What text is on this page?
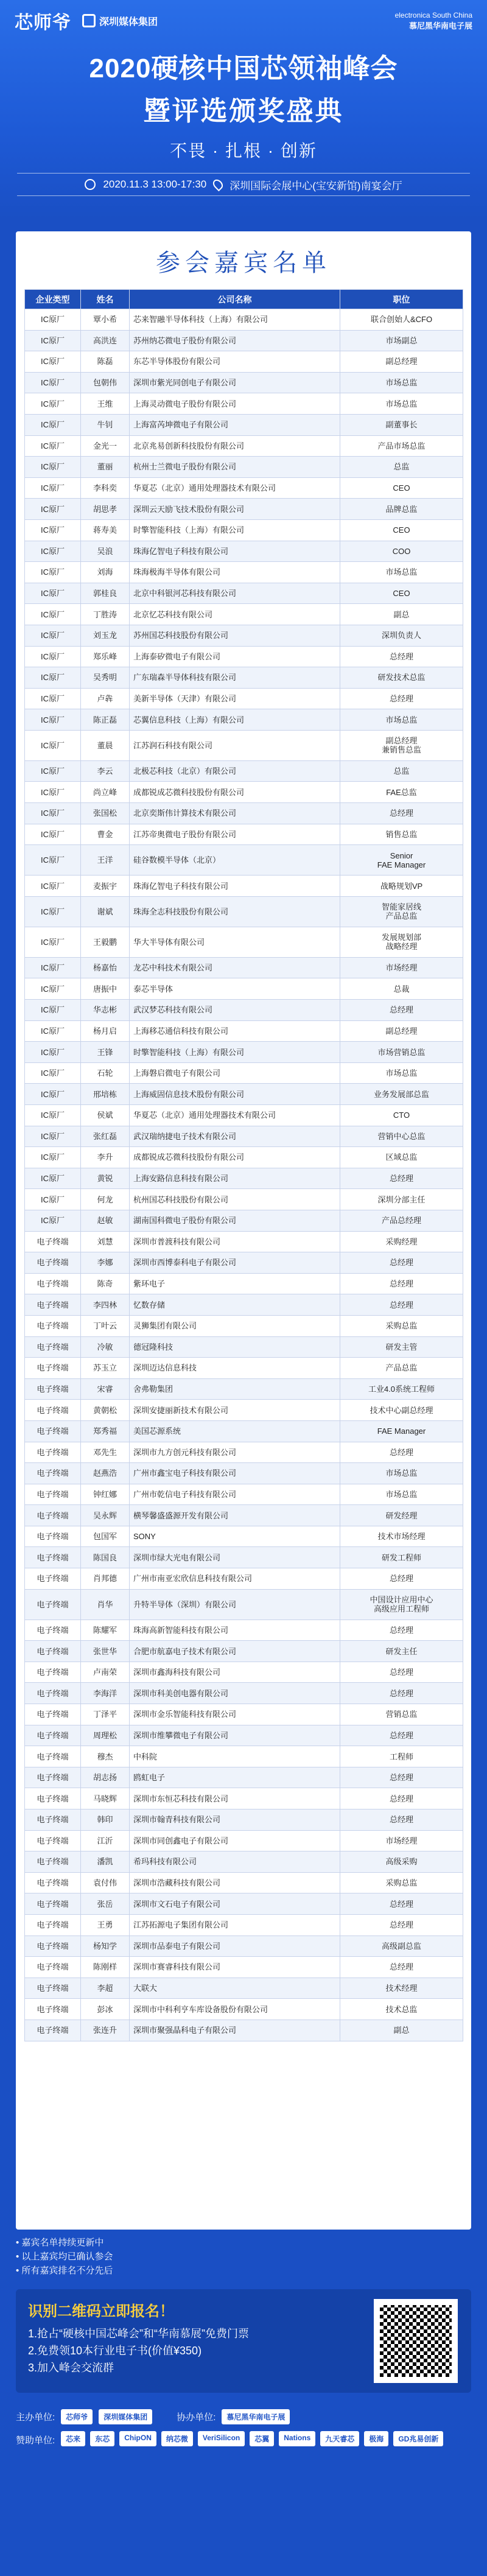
芯师爷	深圳媒体集团
electronica South China
慕尼黑华南电子展
2020硬核中国芯领袖峰会
暨评选颁奖盛典
不畏 · 扎根 · 创新
2020.11.3 13:00-17:30 深圳国际会展中心(宝安新馆)南宴会厅
参会嘉宾名单
企业类型	姓名	公司名称	职位
IC原厂	覃小希	芯来智融半导体科技（上海）有限公司	联合创始人&CFO
IC原厂	高洪连	苏州纳芯微电子股份有限公司	市场副总
IC原厂	陈磊	东芯半导体股份有限公司	副总经理
IC原厂	包朝伟	深圳市紫光同创电子有限公司	市场总监
IC原厂	王维	上海灵动微电子股份有限公司	市场总监
IC原厂	牛钊	上海富芮坤微电子有限公司	副董事长
IC原厂	金光一	北京兆易创新科技股份有限公司	产品市场总监
IC原厂	董丽	杭州士兰微电子股份有限公司	总监
IC原厂	李科奕	华夏芯（北京）通用处理器技术有限公司	CEO
IC原厂	胡思孝	深圳云天励飞技术股份有限公司	品牌总监
IC原厂	蒋寿美	时擎智能科技（上海）有限公司	CEO
IC原厂	吴浪	珠海亿智电子科技有限公司	COO
IC原厂	刘海	珠海极海半导体有限公司	市场总监
IC原厂	郭桂良	北京中科银河芯科技有限公司	CEO
IC原厂	丁胜涛	北京忆芯科技有限公司	副总
IC原厂	刘玉龙	苏州国芯科技股份有限公司	深圳负责人
IC原厂	郑乐峰	上海泰矽微电子有限公司	总经理
IC原厂	吴秀明	广东瑞森半导体科技有限公司	研发技术总监
IC原厂	卢犇	美新半导体（天津）有限公司	总经理
IC原厂	陈正磊	芯翼信息科技（上海）有限公司	市场总监
IC原厂	董晨	江苏润石科技有限公司	副总经理
兼销售总监
IC原厂	李云	北极芯科技（北京）有限公司	总监
IC原厂	尚立峰	成都锐成芯微科技股份有限公司	FAE总监
IC原厂	张国松	北京奕斯伟计算技术有限公司	总经理
IC原厂	曹金	江苏帝奥微电子股份有限公司	销售总监
IC原厂	王洋	硅谷数模半导体（北京）	Senior
FAE Manager
IC原厂	麦振宇	珠海亿智电子科技有限公司	战略规划VP
IC原厂	谢斌	珠海全志科技股份有限公司	智能家居线
产品总监
IC原厂	王毅鹏	华大半导体有限公司	发展规划部
战略经理
IC原厂	杨嘉怡	龙芯中科技术有限公司	市场经理
IC原厂	唐振中	泰芯半导体	总裁
IC原厂	华志彬	武汉梦芯科技有限公司	总经理
IC原厂	杨月启	上海移芯通信科技有限公司	副总经理
IC原厂	王锋	时擎智能科技（上海）有限公司	市场营销总监
IC原厂	石轮	上海磐启微电子有限公司	市场总监
IC原厂	邢培栋	上海威固信息技术股份有限公司	业务发展部总监
IC原厂	侯斌	华夏芯（北京）通用处理器技术有限公司	CTO
IC原厂	张红磊	武汉瑞纳捷电子技术有限公司	营销中心总监
IC原厂	李升	成都锐成芯微科技股份有限公司	区域总监
IC原厂	黄锐	上海安路信息科技有限公司	总经理
IC原厂	何龙	杭州国芯科技股份有限公司	深圳分部主任
IC原厂	赵敏	湖南国科微电子股份有限公司	产品总经理
电子终端	刘慧	深圳市普渡科技有限公司	采购经理
电子终端	李娜	深圳市西博泰科电子有限公司	总经理
电子终端	陈奇	紫环电子	总经理
电子终端	李四林	忆数存储	总经理
电子终端	丁叶云	灵狮集团有限公司	采购总监
电子终端	冷敏	德冠隆科技	研发主管
电子终端	苏玉立	深圳迈达信息科技	产品总监
电子终端	宋睿	舍弗勒集团	工业4.0系统工程师
电子终端	黄朝松	深圳安捷丽新技术有限公司	技术中心副总经理
电子终端	郑秀福	美国芯源系统	FAE Manager
电子终端	邓先生	深圳市九方创元科技有限公司	总经理
电子终端	赵燕浩	广州市鑫宝电子科技有限公司	市场总监
电子终端	钟红娜	广州市乾信电子科技有限公司	市场总监
电子终端	吴永辉	横琴馨盛盛源开发有限公司	研发经理
电子终端	包国军	SONY	技术市场经理
电子终端	陈国良	深圳市绿大光电有限公司	研发工程师
电子终端	肖邦德	广州市南亚宏欣信息科技有限公司	总经理
电子终端	肖华	升特半导体（深圳）有限公司	中国设计应用中心
高级应用工程师
电子终端	陈耀军	珠海高新智能科技有限公司	总经理
电子终端	张世华	合肥市航嘉电子技术有限公司	研发主任
电子终端	卢南荣	深圳市鑫海科技有限公司	总经理
电子终端	李海洋	深圳市科美创电器有限公司	总经理
电子终端	丁泽平	深圳市金乐智能科技有限公司	营销总监
电子终端	周理松	深圳市维攀微电子有限公司	总经理
电子终端	穆杰	中科院	工程师
电子终端	胡志扬	鸥虹电子	总经理
电子终端	马晓辉	深圳市东恒芯科技有限公司	总经理
电子终端	韩印	深圳市翰青科技有限公司	总经理
电子终端	江沂	深圳市同创鑫电子有限公司	市场经理
电子终端	潘凯	希玛科技有限公司	高级采购
电子终端	袁付伟	深圳市浩藏科技有限公司	采购总监
电子终端	张岳	深圳市文石电子有限公司	总经理
电子终端	王勇	江苏拓源电子集团有限公司	总经理
电子终端	杨知学	深圳市品泰电子有限公司	高级副总监
电子终端	陈刚样	深圳市赛睿科技有限公司	总经理
电子终端	李超	大联大	技术经理
电子终端	彭冰	深圳市中科利亨车库设备股份有限公司	技术总监
电子终端	张连升	深圳市聚强晶科电子有限公司	副总
• 嘉宾名单持续更新中
• 以上嘉宾均已确认参会
• 所有嘉宾排名不分先后
识别二维码立即报名！
1.抢占“硬核中国芯峰会”和“华南慕展”免费门票
2.免费领10本行业电子书(价值¥350)
3.加入峰会交流群
主办单位:	芯师爷	深圳媒体集团	协办单位:	慕尼黑华南电子展
赞助单位:	芯来	东芯	ChipON	纳芯微	VeriSilicon	芯翼	Nations	九天睿芯	极海	GD兆易创新
